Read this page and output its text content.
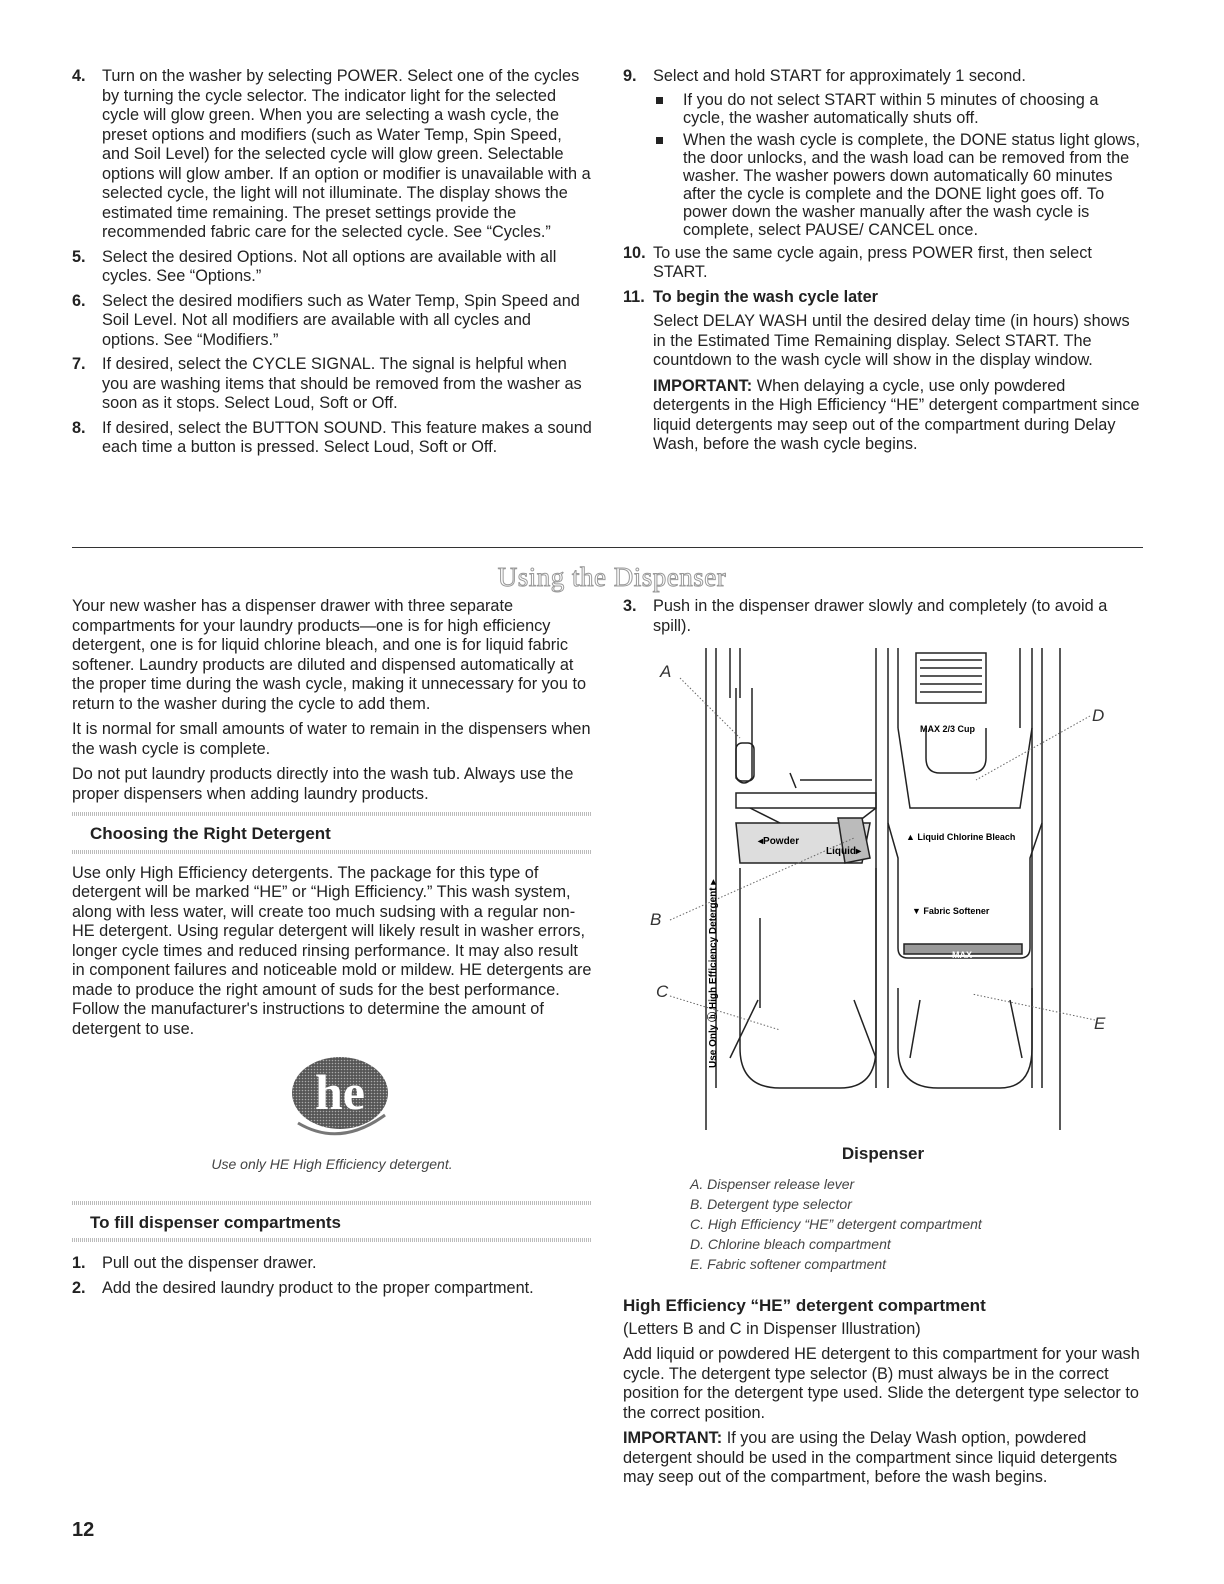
4. Turn on the washer by selecting POWER. Select one of the cycles by turning the cycle selector. The indicator light for the selected cycle will glow green. When you are selecting a wash cycle, the preset options and modifiers (such as Water Temp, Spin Speed, and Soil Level) for the selected cycle will glow green. Selectable options will glow amber. If an option or modifier is unavailable with a selected cycle, the light will not illuminate. The display shows the estimated time remaining. The preset settings provide the recommended fabric care for the selected cycle. See “Cycles.”
5. Select the desired Options. Not all options are available with all cycles. See “Options.”
6. Select the desired modifiers such as Water Temp, Spin Speed and Soil Level. Not all modifiers are available with all cycles and options. See “Modifiers.”
7. If desired, select the CYCLE SIGNAL. The signal is helpful when you are washing items that should be removed from the washer as soon as it stops. Select Loud, Soft or Off.
8. If desired, select the BUTTON SOUND. This feature makes a sound each time a button is pressed. Select Loud, Soft or Off.
9. Select and hold START for approximately 1 second.
If you do not select START within 5 minutes of choosing a cycle, the washer automatically shuts off.
When the wash cycle is complete, the DONE status light glows, the door unlocks, and the wash load can be removed from the washer. The washer powers down automatically 60 minutes after the cycle is complete and the DONE light goes off. To power down the washer manually after the wash cycle is complete, select PAUSE/ CANCEL once.
10. To use the same cycle again, press POWER first, then select START.
11. To begin the wash cycle later

Select DELAY WASH until the desired delay time (in hours) shows in the Estimated Time Remaining display. Select START. The countdown to the wash cycle will show in the display window.

IMPORTANT: When delaying a cycle, use only powdered detergents in the High Efficiency “HE” detergent compartment since liquid detergents may seep out of the compartment during Delay Wash, before the wash cycle begins.

Using the Dispenser

Your new washer has a dispenser drawer with three separate compartments for your laundry products—one is for high efficiency detergent, one is for liquid chlorine bleach, and one is for liquid fabric softener. Laundry products are diluted and dispensed automatically at the proper time during the wash cycle, making it unnecessary for you to return to the washer during the cycle to add them.

It is normal for small amounts of water to remain in the dispensers when the wash cycle is complete.

Do not put laundry products directly into the wash tub. Always use the proper dispensers when adding laundry products.

Choosing the Right Detergent

Use only High Efficiency detergents. The package for this type of detergent will be marked “HE” or “High Efficiency.” This wash system, along with less water, will create too much sudsing with a regular non-HE detergent. Using regular detergent will likely result in washer errors, longer cycle times and reduced rinsing performance. It may also result in component failures and noticeable mold or mildew. HE detergents are made to produce the right amount of suds for the best performance. Follow the manufacturer's instructions to determine the amount of detergent to use.

he
Use only HE High Efficiency detergent.
To fill dispenser compartments
1. Pull out the dispenser drawer.
2. Add the desired laundry product to the proper compartment.
3. Push in the dispenser drawer slowly and completely (to avoid a spill).
MAX 2/3 Cup
◂Powder
Liquid▸
▲ Liquid Chlorine Bleach
▼ Fabric Softener
MAX
Use Only ⓗ High Efficiency Detergent ▸
A
D
B
C
E
Dispenser
A. Dispenser release lever
B. Detergent type selector
C. High Efficiency “HE” detergent compartment
D. Chlorine bleach compartment
E. Fabric softener compartment
High Efficiency “HE” detergent compartment

(Letters B and C in Dispenser Illustration)

Add liquid or powdered HE detergent to this compartment for your wash cycle. The detergent type selector (B) must always be in the correct position for the detergent type used. Slide the detergent type selector to the correct position.

IMPORTANT: If you are using the Delay Wash option, powdered detergent should be used in the compartment since liquid detergents may seep out of the compartment, before the wash begins.

12
